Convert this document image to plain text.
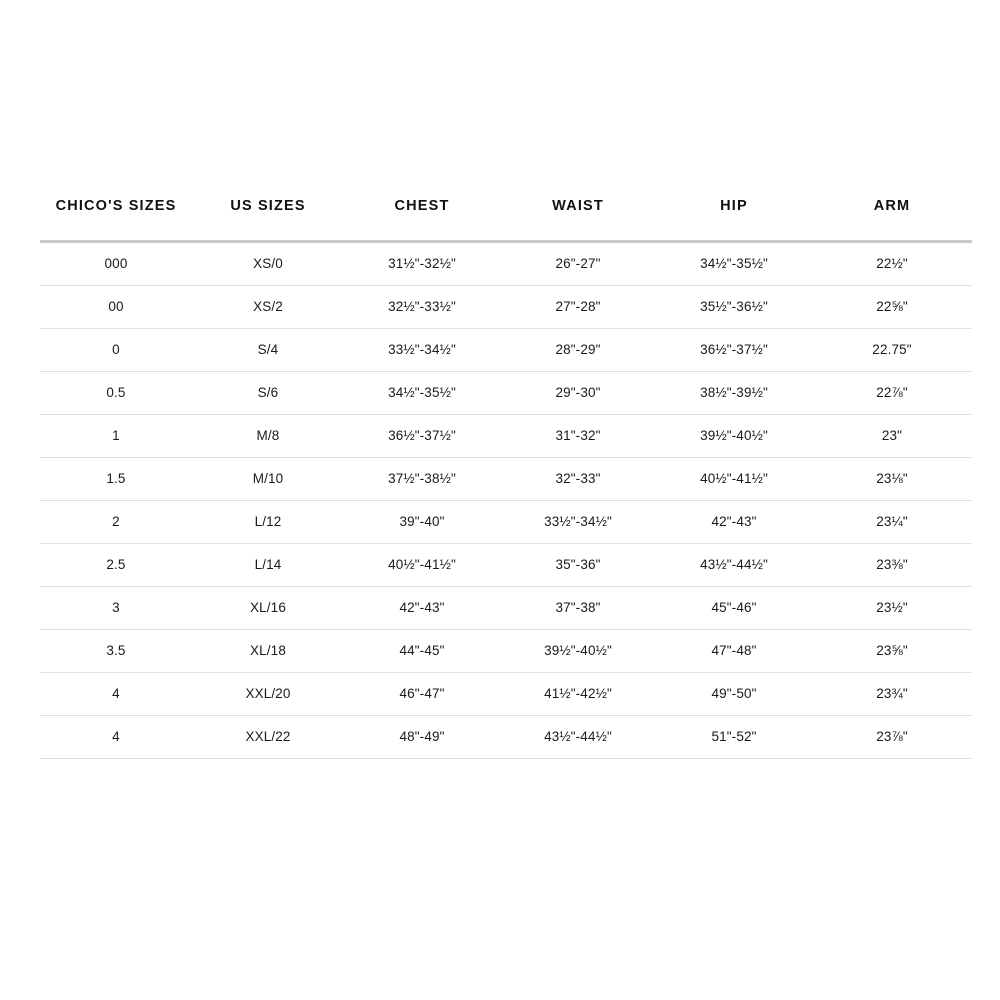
CHICO'S SIZES	US SIZES	CHEST	WAIST	HIP	ARM

000	XS/0	31½"-32½"	26"-27"	34½"-35½"	22½"
00	XS/2	32½"-33½"	27"-28"	35½"-36½"	22⅝"
0	S/4	33½"-34½"	28"-29"	36½"-37½"	22.75"
0.5	S/6	34½"-35½"	29"-30"	38½"-39½"	22⅞"
1	M/8	36½"-37½"	31"-32"	39½"-40½"	23"
1.5	M/10	37½"-38½"	32"-33"	40½"-41½"	23⅛"
2	L/12	39"-40"	33½"-34½"	42"-43"	23¼"
2.5	L/14	40½"-41½"	35"-36"	43½"-44½"	23⅜"
3	XL/16	42"-43"	37"-38"	45"-46"	23½"
3.5	XL/18	44"-45"	39½"-40½"	47"-48"	23⅝"
4	XXL/20	46"-47"	41½"-42½"	49"-50"	23¾"
4	XXL/22	48"-49"	43½"-44½"	51"-52"	23⅞"
